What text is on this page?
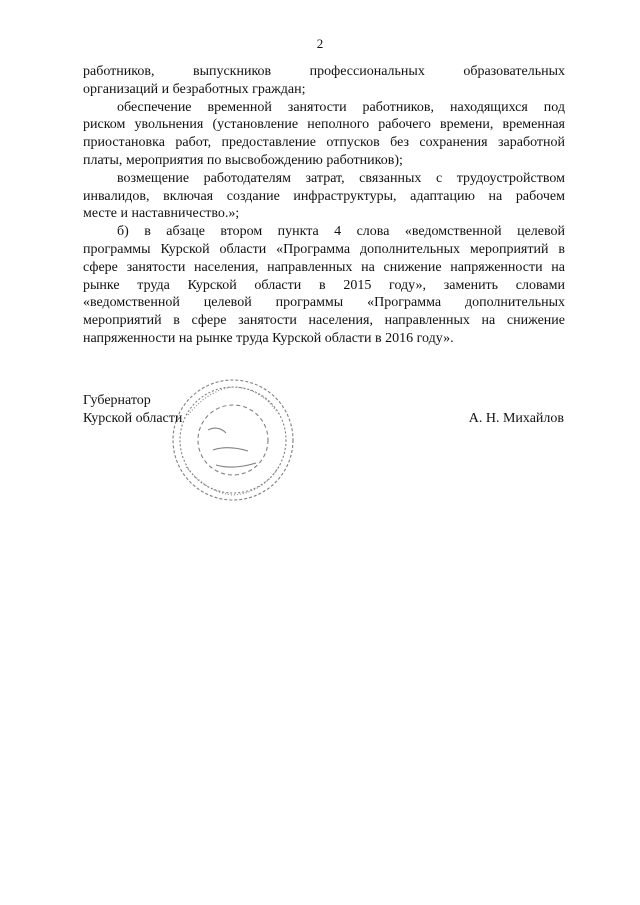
2
работников, выпускников профессиональных образовательных
организаций и безработных граждан;
обеспечение временной занятости работников, находящихся под
риском увольнения (установление неполного рабочего времени, временная
приостановка работ, предоставление отпусков без сохранения заработной
платы, мероприятия по высвобождению работников);
возмещение работодателям затрат, связанных с трудоустройством
инвалидов, включая создание инфраструктуры, адаптацию на рабочем
месте и наставничество.»;
б) в абзаце втором пункта 4 слова «ведомственной целевой
программы Курской области «Программа дополнительных мероприятий в
сфере занятости населения, направленных на снижение напряженности на
рынке труда Курской области в 2015 году», заменить словами
«ведомственной целевой программы «Программа дополнительных
мероприятий в сфере занятости населения, направленных на снижение
напряженности на рынке труда Курской области в 2016 году».
Губернатор
Курской области	А. Н. Михайлов
